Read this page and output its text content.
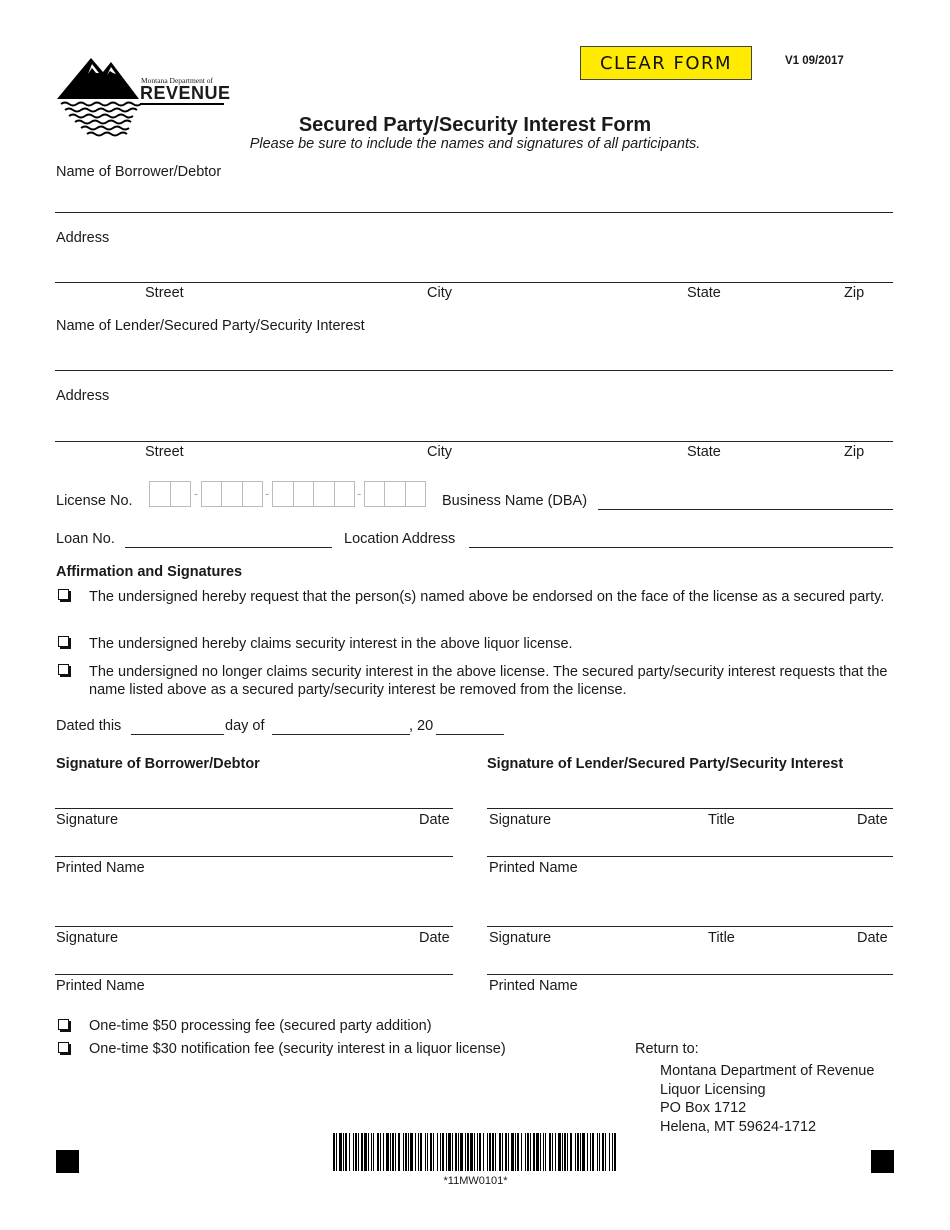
Montana Department of
REVENUE
CLEAR FORM	V1 09/2017
Secured Party/Security Interest Form
Please be sure to include the names and signatures of all participants.
Name of Borrower/Debtor
Address
Street	City	State	Zip
Name of Lender/Secured Party/Security Interest
Address
Street	City	State	Zip
License No.	-	-	-	Business Name (DBA)
Loan No.	Location Address
Affirmation and Signatures
The undersigned hereby request that the person(s) named above be endorsed on the face of the license as a secured party.
The undersigned hereby claims security interest in the above liquor license.
The undersigned no longer claims security interest in the above license. The secured party/security interest requests that the name listed above as a secured party/security interest be removed from the license.
Dated this	day of	, 20
Signature of Borrower/Debtor	Signature of Lender/Secured Party/Security Interest
Signature	Date
Printed Name
Signature	Title	Date
Printed Name
Signature	Date
Printed Name
Signature	Title	Date
Printed Name
One-time $50 processing fee (secured party addition)
One-time $30 notification fee (security interest in a liquor license)	Return to:
Montana Department of Revenue
Liquor Licensing
PO Box 1712
Helena, MT 59624-1712
*11MW0101*
